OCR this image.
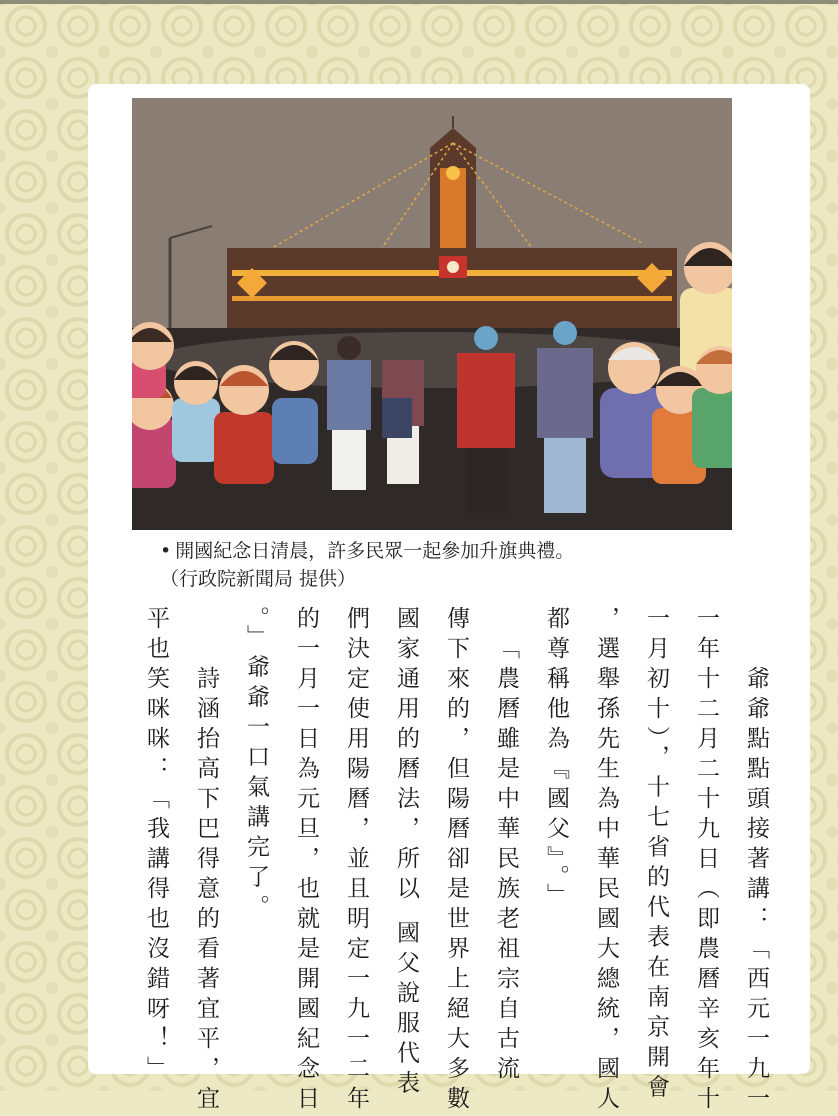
• 開國紀念日清晨，許多民眾一起參加升旗典禮。
（行政院新聞局 提供）
爺爺點點頭接著講：「西元一九一
一年十二月二十九日（即農曆辛亥年十
一月初十），十七省的代表在南京開會
，選舉孫先生為中華民國大總統，國人
都尊稱他為『國父』。」
「農曆雖是中華民族老祖宗自古流
傳下來的，但陽曆卻是世界上絕大多數
國家通用的曆法，所以 國父說服代表
們決定使用陽曆，並且明定一九一二年
的一月一日為元旦，也就是開國紀念日
。」爺爺一口氣講完了。
詩涵抬高下巴得意的看著宜平，宜
平也笑咪咪：「我講得也沒錯呀！」
